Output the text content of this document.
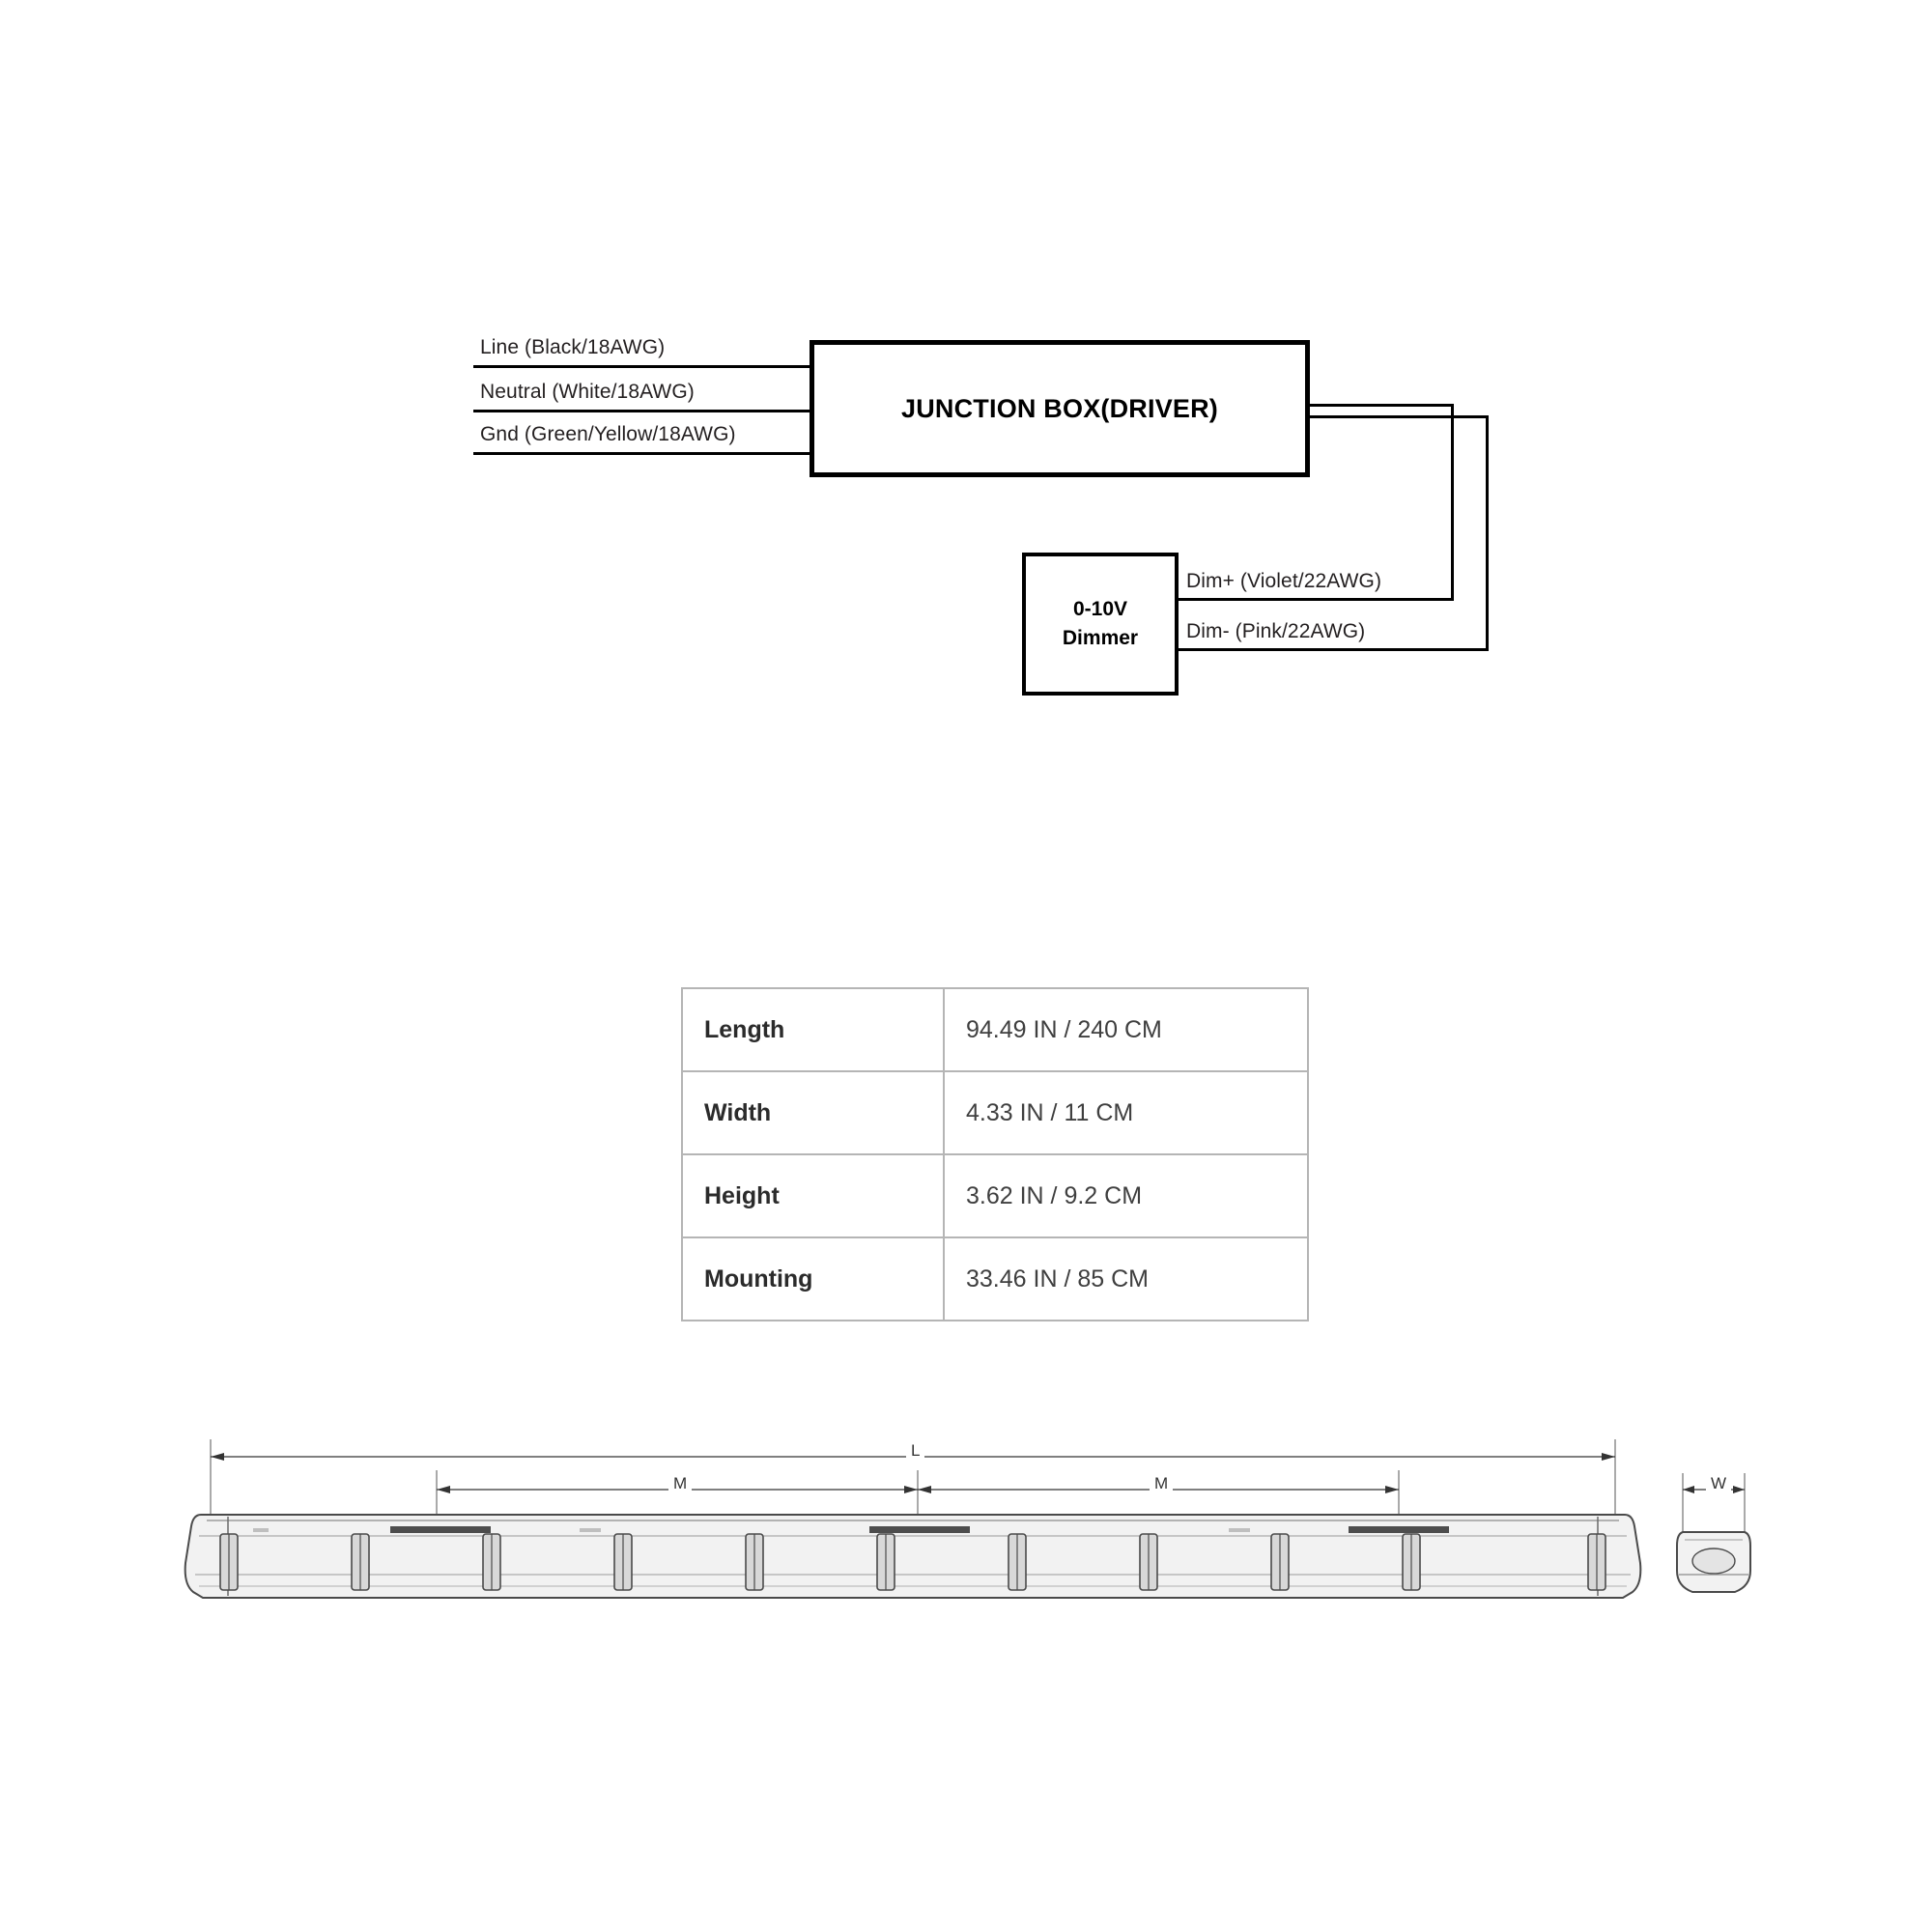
Line (Black/18AWG)
Neutral (White/18AWG)
Gnd (Green/Yellow/18AWG)
JUNCTION BOX(DRIVER)
Dim+ (Violet/22AWG)
Dim- (Pink/22AWG)
0-10V
Dimmer
Length	94.49 IN / 240 CM
Width	4.33 IN / 11 CM
Height	3.62 IN / 9.2 CM
Mounting	33.46 IN / 85 CM
L
M	M	W
